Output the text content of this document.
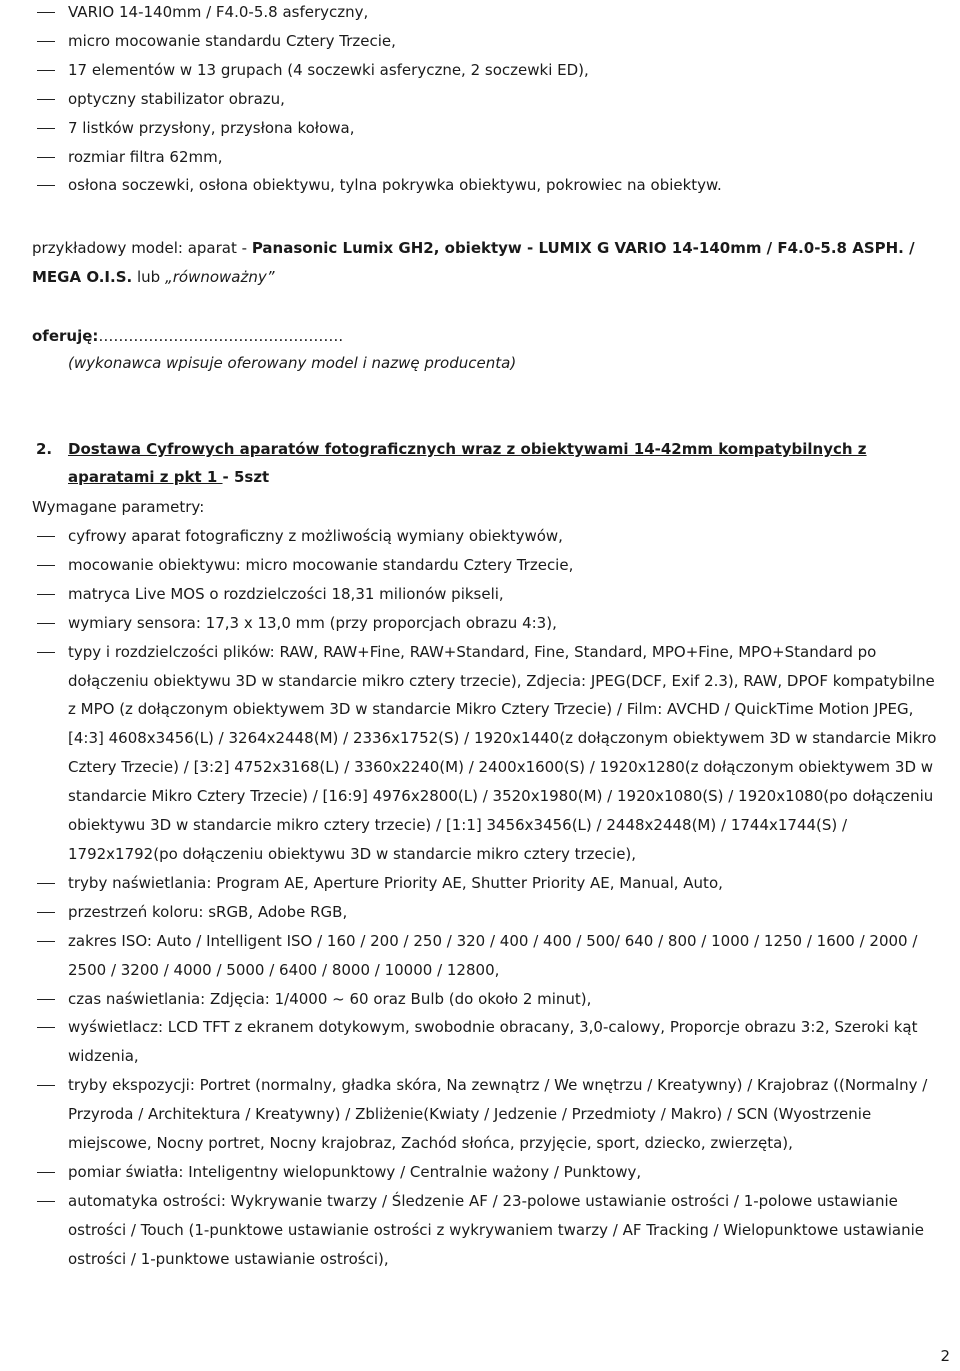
VARIO 14-140mm / F4.0-5.8 asferyczny,
micro mocowanie standardu Cztery Trzecie,
17 elementów w 13 grupach (4 soczewki asferyczne, 2 soczewki ED),
optyczny stabilizator obrazu,
7 listków przysłony, przysłona kołowa,
rozmiar filtra 62mm,
osłona soczewki, osłona obiektywu, tylna pokrywka obiektywu, pokrowiec na obiektyw.
przykładowy model: aparat - Panasonic Lumix GH2, obiektyw - LUMIX G VARIO 14-140mm / F4.0-5.8 ASPH. / MEGA O.I.S. lub „równoważny”
oferuję:………………………………………….
(wykonawca wpisuje oferowany model i nazwę producenta)
2. Dostawa Cyfrowych aparatów fotograficznych wraz z obiektywami 14-42mm kompatybilnych z
aparatami z pkt 1 - 5szt
Wymagane parametry:
cyfrowy aparat fotograficzny z możliwością wymiany obiektywów,
mocowanie obiektywu: micro mocowanie standardu Cztery Trzecie,
matryca Live MOS o rozdzielczości 18,31 milionów pikseli,
wymiary sensora: 17,3 x 13,0 mm (przy proporcjach obrazu 4:3),
typy i rozdzielczości plików: RAW, RAW+Fine, RAW+Standard, Fine, Standard, MPO+Fine, MPO+Standard po dołączeniu obiektywu 3D w standarcie mikro cztery trzecie), Zdjecia: JPEG(DCF, Exif 2.3), RAW, DPOF kompatybilne z MPO (z dołączonym obiektywem 3D w standarcie Mikro Cztery Trzecie) / Film: AVCHD / QuickTime Motion JPEG, [4:3] 4608x3456(L) / 3264x2448(M) / 2336x1752(S) / 1920x1440(z dołączonym obiektywem 3D w standarcie Mikro Cztery Trzecie) / [3:2] 4752x3168(L) / 3360x2240(M) / 2400x1600(S) / 1920x1280(z dołączonym obiektywem 3D w standarcie Mikro Cztery Trzecie) / [16:9] 4976x2800(L) / 3520x1980(M) / 1920x1080(S) / 1920x1080(po dołączeniu obiektywu 3D w standarcie mikro cztery trzecie) / [1:1] 3456x3456(L) / 2448x2448(M) / 1744x1744(S) / 1792x1792(po dołączeniu obiektywu 3D w standarcie mikro cztery trzecie),
tryby naświetlania: Program AE, Aperture Priority AE, Shutter Priority AE, Manual, Auto,
przestrzeń koloru: sRGB, Adobe RGB,
zakres ISO: Auto / Intelligent ISO / 160 / 200 / 250 / 320 / 400 / 400 / 500/ 640 / 800 / 1000 / 1250 / 1600 / 2000 / 2500 / 3200 / 4000 / 5000 / 6400 / 8000 / 10000 / 12800,
czas naświetlania: Zdjęcia: 1/4000 ~ 60 oraz Bulb (do około 2 minut),
wyświetlacz: LCD TFT z ekranem dotykowym, swobodnie obracany, 3,0-calowy, Proporcje obrazu 3:2, Szeroki kąt widzenia,
tryby ekspozycji: Portret (normalny, gładka skóra, Na zewnątrz / We wnętrzu / Kreatywny) / Krajobraz ((Normalny / Przyroda / Architektura / Kreatywny) / Zbliżenie(Kwiaty / Jedzenie / Przedmioty / Makro) / SCN (Wyostrzenie miejscowe, Nocny portret, Nocny krajobraz, Zachód słońca, przyjęcie, sport, dziecko, zwierzęta),
pomiar światła: Inteligentny wielopunktowy / Centralnie ważony / Punktowy,
automatyka ostrości: Wykrywanie twarzy / Śledzenie AF / 23-polowe ustawianie ostrości / 1-polowe ustawianie ostrości / Touch (1-punktowe ustawianie ostrości z wykrywaniem twarzy / AF Tracking / Wielopunktowe ustawianie ostrości / 1-punktowe ustawianie ostrości),
2
